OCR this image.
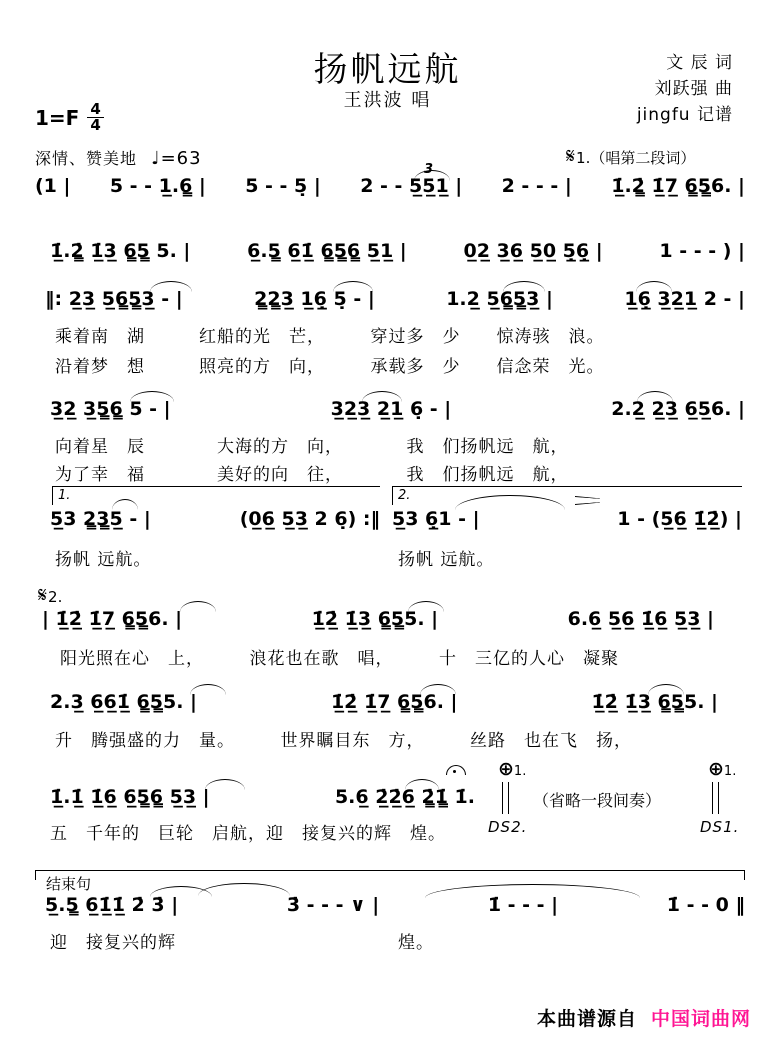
扬帆远航
王洪波 唱
文 辰 词
刘跃强 曲
jingfu 记谱
1=F 4
4
深情、赞美地 ♩=63	𝄋1.（唱第二段词）
3
(1 | 5 - - 1̲.6̳ | 5 - - 5̣ | 2 - - 5̲5̲1̲ | 2 - - - | 1̲̇.2̳̇ 1̲̇7̲ 6̳5̳6. |
1̲̇.2̳̇ 1̲̇3̲ 6̳5̳ 5. |	6̲.5̳ 6̲1̲̇ 6̳5̳6̳ 5̲1̲ |	0̲2̲ 3̲6̲ 5̲0̲ 5̣̲6̣̲ |	1 - - - ) |
‖: 2̲3̲ 5̲6̳5̳3̲ - |	2̳2̳3̲ 1̲6̣̲ 5̣ - |	1.2̲ 5̲6̳5̳3̲ |	1̲6̣̲ 3̲2̲1̲ 2 - |
乘着南　湖　　　红船的光　芒，　　　穿过多　少　　惊涛骇　浪。
沿着梦　想　　　照亮的方　向，　　　承载多　少　　信念荣　光。
3̲2̲ 3̲5̳6̳ 5 - |	3̲2̲3̲ 2̲1̲ 6̣ - |	2.2̲ 2̲3̲ 6̲5̲6. |
向着星　辰　　　　大海的方　向，　　　　我　们扬帆远　航，
为了幸　福　　　　美好的向　往，　　　　我　们扬帆远　航，
1.	2.
5̲3 2̳3̳5̲ - |	(0̲6̲ 5̲3̲ 2 6̣) :‖ 5̲3 6̣̲1 - |	1 - (5̲6̲ 1̲̇2̲̇) |
扬帆 远航。	扬帆 远航。
𝄋2.
| 1̲̇2̲̇ 1̲̇7̲ 6̳5̳6. |	1̲̇2̲̇ 1̲̇3̲ 6̳5̳5. |	6.6̲ 5̲6̲ 1̲̇6̲ 5̲3̲ |
阳光照在心　上，　　　浪花也在歌　唱，　　　十　三亿的人心　凝聚
2.3̲ 6̲6̲1̲̇ 6̳5̳5. |	1̲̇2̲̇ 1̲̇7̲ 6̳5̳6. |	1̲̇2̲̇ 1̲̇3̲ 6̳5̳5. |
升　腾强盛的力　量。　　　世界瞩目东　方，　　　丝路　也在飞　扬，
1̲̇.1̲̇ 1̲̇6̲ 6̲5̳6̳ 5̲3̲ |	5.6̲ 2̲̇2̲̇6̲ 2̳̇1̳̇ 1̇.
⊕1.
（省略一段间奏）
⊕1.
DS2.	DS1.
五　千年的　巨轮　启航，迎　接复兴的辉　煌。
结束句
5̲.5̳ 6̲1̲̇1̲̇ 2̇ 3̇ |	3̇ - - - ∨ |	1̇ - - - |	1̇ - - 0 ‖
迎　接复兴的辉	煌。
本曲谱源自 中国词曲网
